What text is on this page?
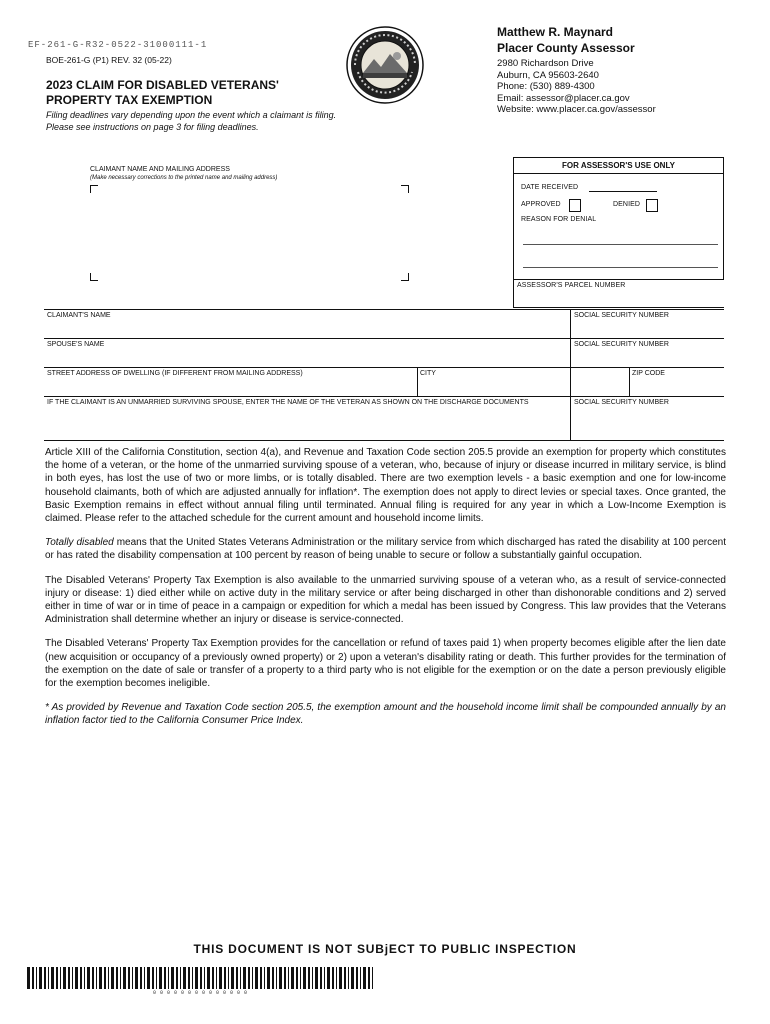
EF-261-G-R32-0522-31000111-1
BOE-261-G (P1) REV. 32 (05-22)
2023 CLAIM FOR DISABLED VETERANS'
PROPERTY TAX EXEMPTION
Filing deadlines vary depending upon the event which a claimant is filing.
Please see instructions on page 3 for filing deadlines.
Matthew R. Maynard
Placer County Assessor
2980 Richardson Drive
Auburn, CA 95603-2640
Phone: (530) 889-4300
Email: assessor@placer.ca.gov
Website: www.placer.ca.gov/assessor
CLAIMANT NAME AND MAILING ADDRESS
(Make necessary corrections to the printed name and mailing address)
FOR ASSESSOR'S USE ONLY
DATE RECEIVED
APPROVED	DENIED
REASON FOR DENIAL
ASSESSOR'S PARCEL NUMBER
CLAIMANT'S NAME	SOCIAL SECURITY NUMBER
SPOUSE'S NAME	SOCIAL SECURITY NUMBER
STREET ADDRESS OF DWELLING (IF DIFFERENT FROM MAILING ADDRESS)	CITY	ZIP CODE
IF THE CLAIMANT IS AN UNMARRIED SURVIVING SPOUSE, ENTER THE NAME OF THE VETERAN AS SHOWN ON THE DISCHARGE DOCUMENTS	SOCIAL SECURITY NUMBER

Article XIII of the California Constitution, section 4(a), and Revenue and Taxation Code section 205.5 provide an exemption for property which constitutes the home of a veteran, or the home of the unmarried surviving spouse of a veteran, who, because of injury or disease incurred in military service, is blind in both eyes, has lost the use of two or more limbs, or is totally disabled. There are two exemption levels - a basic exemption and one for low-income household claimants, both of which are adjusted annually for inflation*. The exemption does not apply to direct levies or special taxes. Once granted, the Basic Exemption remains in effect without annual filing until terminated. Annual filing is required for any year in which a Low-Income Exemption is claimed. Please refer to the attached schedule for the current amount and household income limits.

Totally disabled means that the United States Veterans Administration or the military service from which discharged has rated the disability at 100 percent or has rated the disability compensation at 100 percent by reason of being unable to secure or follow a substantially gainful occupation.

The Disabled Veterans' Property Tax Exemption is also available to the unmarried surviving spouse of a veteran who, as a result of service-connected injury or disease: 1) died either while on active duty in the military service or after being discharged in other than dishonorable conditions and 2) served either in time of war or in time of peace in a campaign or expedition for which a medal has been issued by Congress. This law provides that the Veterans Administration shall determine whether an injury or disease is service-connected.

The Disabled Veterans' Property Tax Exemption provides for the cancellation or refund of taxes paid 1) when property becomes eligible after the lien date (new acquisition or occupancy of a previously owned property) or 2) upon a veteran's disability rating or death. This further provides for the termination of the exemption on the date of sale or transfer of a property to a third party who is not eligible for the exemption or on the date a person previously eligible for the exemption becomes ineligible.

* As provided by Revenue and Taxation Code section 205.5, the exemption amount and the household income limit shall be compounded annually by an inflation factor tied to the California Consumer Price Index.

THIS DOCUMENT IS NOT SUBjECT TO PUBLIC INSPECTION
0 0 0 0 0 0 0 0 0 0 0 0 0 0
